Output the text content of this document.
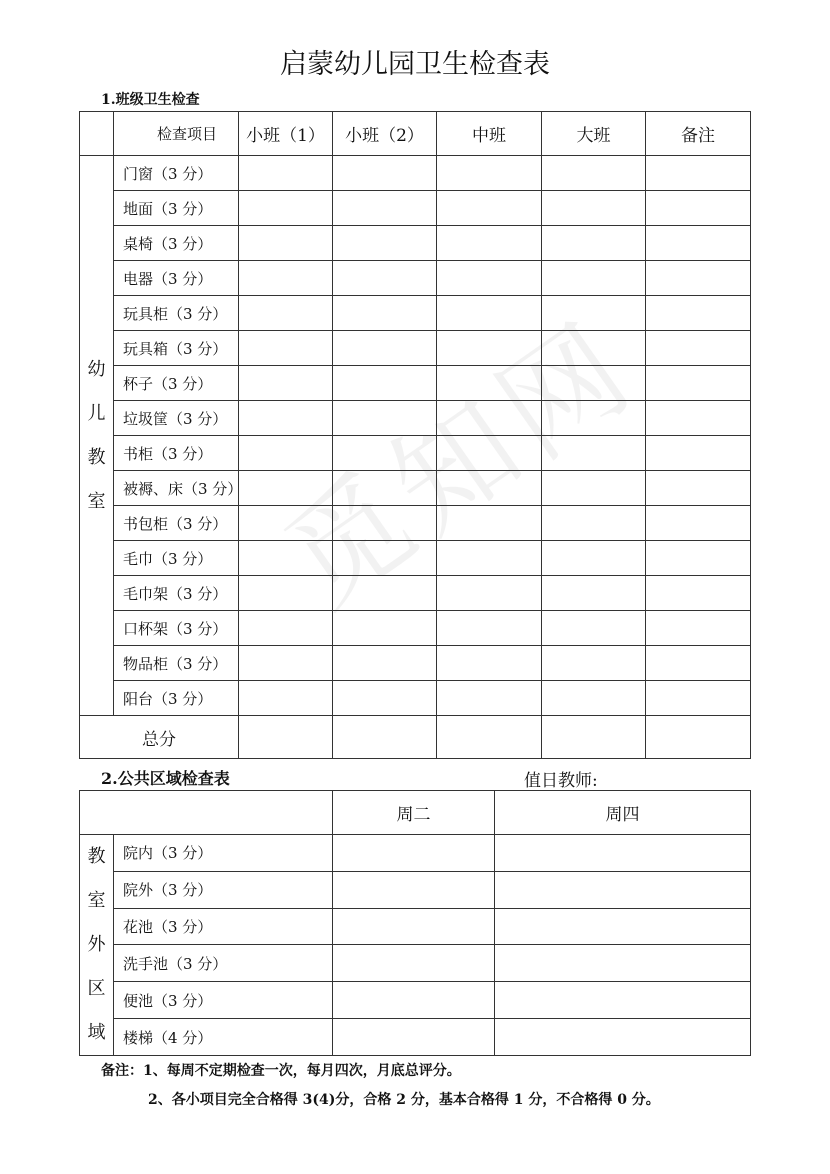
觅知网
启蒙幼儿园卫生检查表
1.班级卫生检查
	检查项目	小班（1）	小班（2）	中班	大班	备注

幼
儿
教
室	门窗（3 分）					
	地面（3 分）					
	桌椅（3 分）					
	电器（3 分）					
	玩具柜（3 分）					
	玩具箱（3 分）					
	杯子（3 分）					
	垃圾筐（3 分）					
	书柜（3 分）					
	被褥、床（3 分）					
	书包柜（3 分）					
	毛巾（3 分）					
	毛巾架（3 分）					
	口杯架（3 分）					
	物品柜（3 分）					
	阳台（3 分）					
总分						
2.公共区域检查表	值日教师:
		周二	周四

教
室
外
区
域	院内（3 分）		
	院外（3 分）		
	花池（3 分）		
	洗手池（3 分）		
	便池（3 分）		
	楼梯（4 分）		
备注：1、每周不定期检查一次，每月四次，月底总评分。
2、各小项目完全合格得 3(4)分，合格 2 分，基本合格得 1 分，不合格得 0 分。
